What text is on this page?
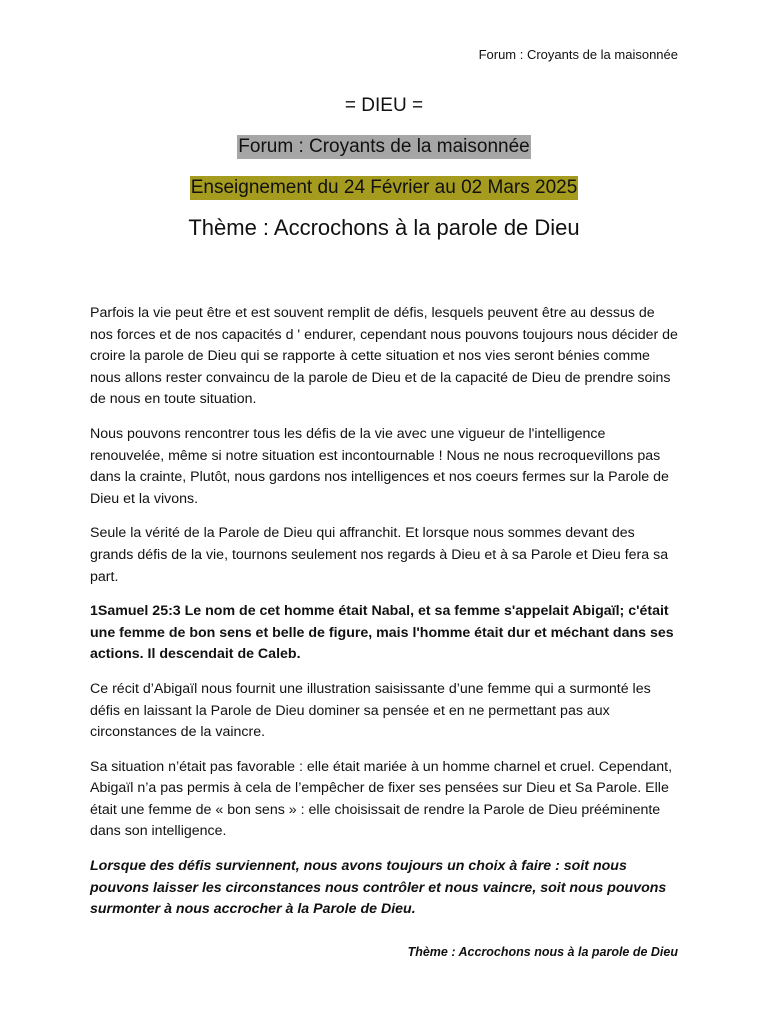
Forum : Croyants de la maisonnée
= DIEU =
Forum : Croyants de la maisonnée
Enseignement du 24 Février au 02 Mars 2025
Thème : Accrochons à la parole de Dieu

Parfois la vie peut être et est souvent remplit de défis, lesquels peuvent être au dessus de nos forces et de nos capacités d ' endurer, cependant nous pouvons toujours nous décider de croire la parole de Dieu qui se rapporte à cette situation et nos vies seront bénies comme nous allons rester convaincu de la parole de Dieu et de la capacité de Dieu de prendre soins de nous en toute situation.

Nous pouvons rencontrer tous les défis de la vie avec une vigueur de l'intelligence renouvelée, même si notre situation est incontournable ! Nous ne nous recroquevillons pas dans la crainte, Plutôt, nous gardons nos intelligences et nos coeurs fermes sur la Parole de Dieu et la vivons.

Seule la vérité de la Parole de Dieu qui affranchit. Et lorsque nous sommes devant des grands défis de la vie, tournons seulement nos regards à Dieu et à sa Parole et Dieu fera sa part.

1Samuel 25:3 Le nom de cet homme était Nabal, et sa femme s'appelait Abigaïl; c'était une femme de bon sens et belle de figure, mais l'homme était dur et méchant dans ses actions. Il descendait de Caleb.

Ce récit d’Abigaïl nous fournit une illustration saisissante d’une femme qui a surmonté les défis en laissant la Parole de Dieu dominer sa pensée et en ne permettant pas aux circonstances de la vaincre.

Sa situation n’était pas favorable : elle était mariée à un homme charnel et cruel. Cependant, Abigaïl n’a pas permis à cela de l’empêcher de fixer ses pensées sur Dieu et Sa Parole. Elle était une femme de « bon sens » : elle choisissait de rendre la Parole de Dieu prééminente dans son intelligence.

Lorsque des défis surviennent, nous avons toujours un choix à faire : soit nous pouvons laisser les circonstances nous contrôler et nous vaincre, soit nous pouvons surmonter à nous accrocher à la Parole de Dieu.

Thème : Accrochons nous à la parole de Dieu
